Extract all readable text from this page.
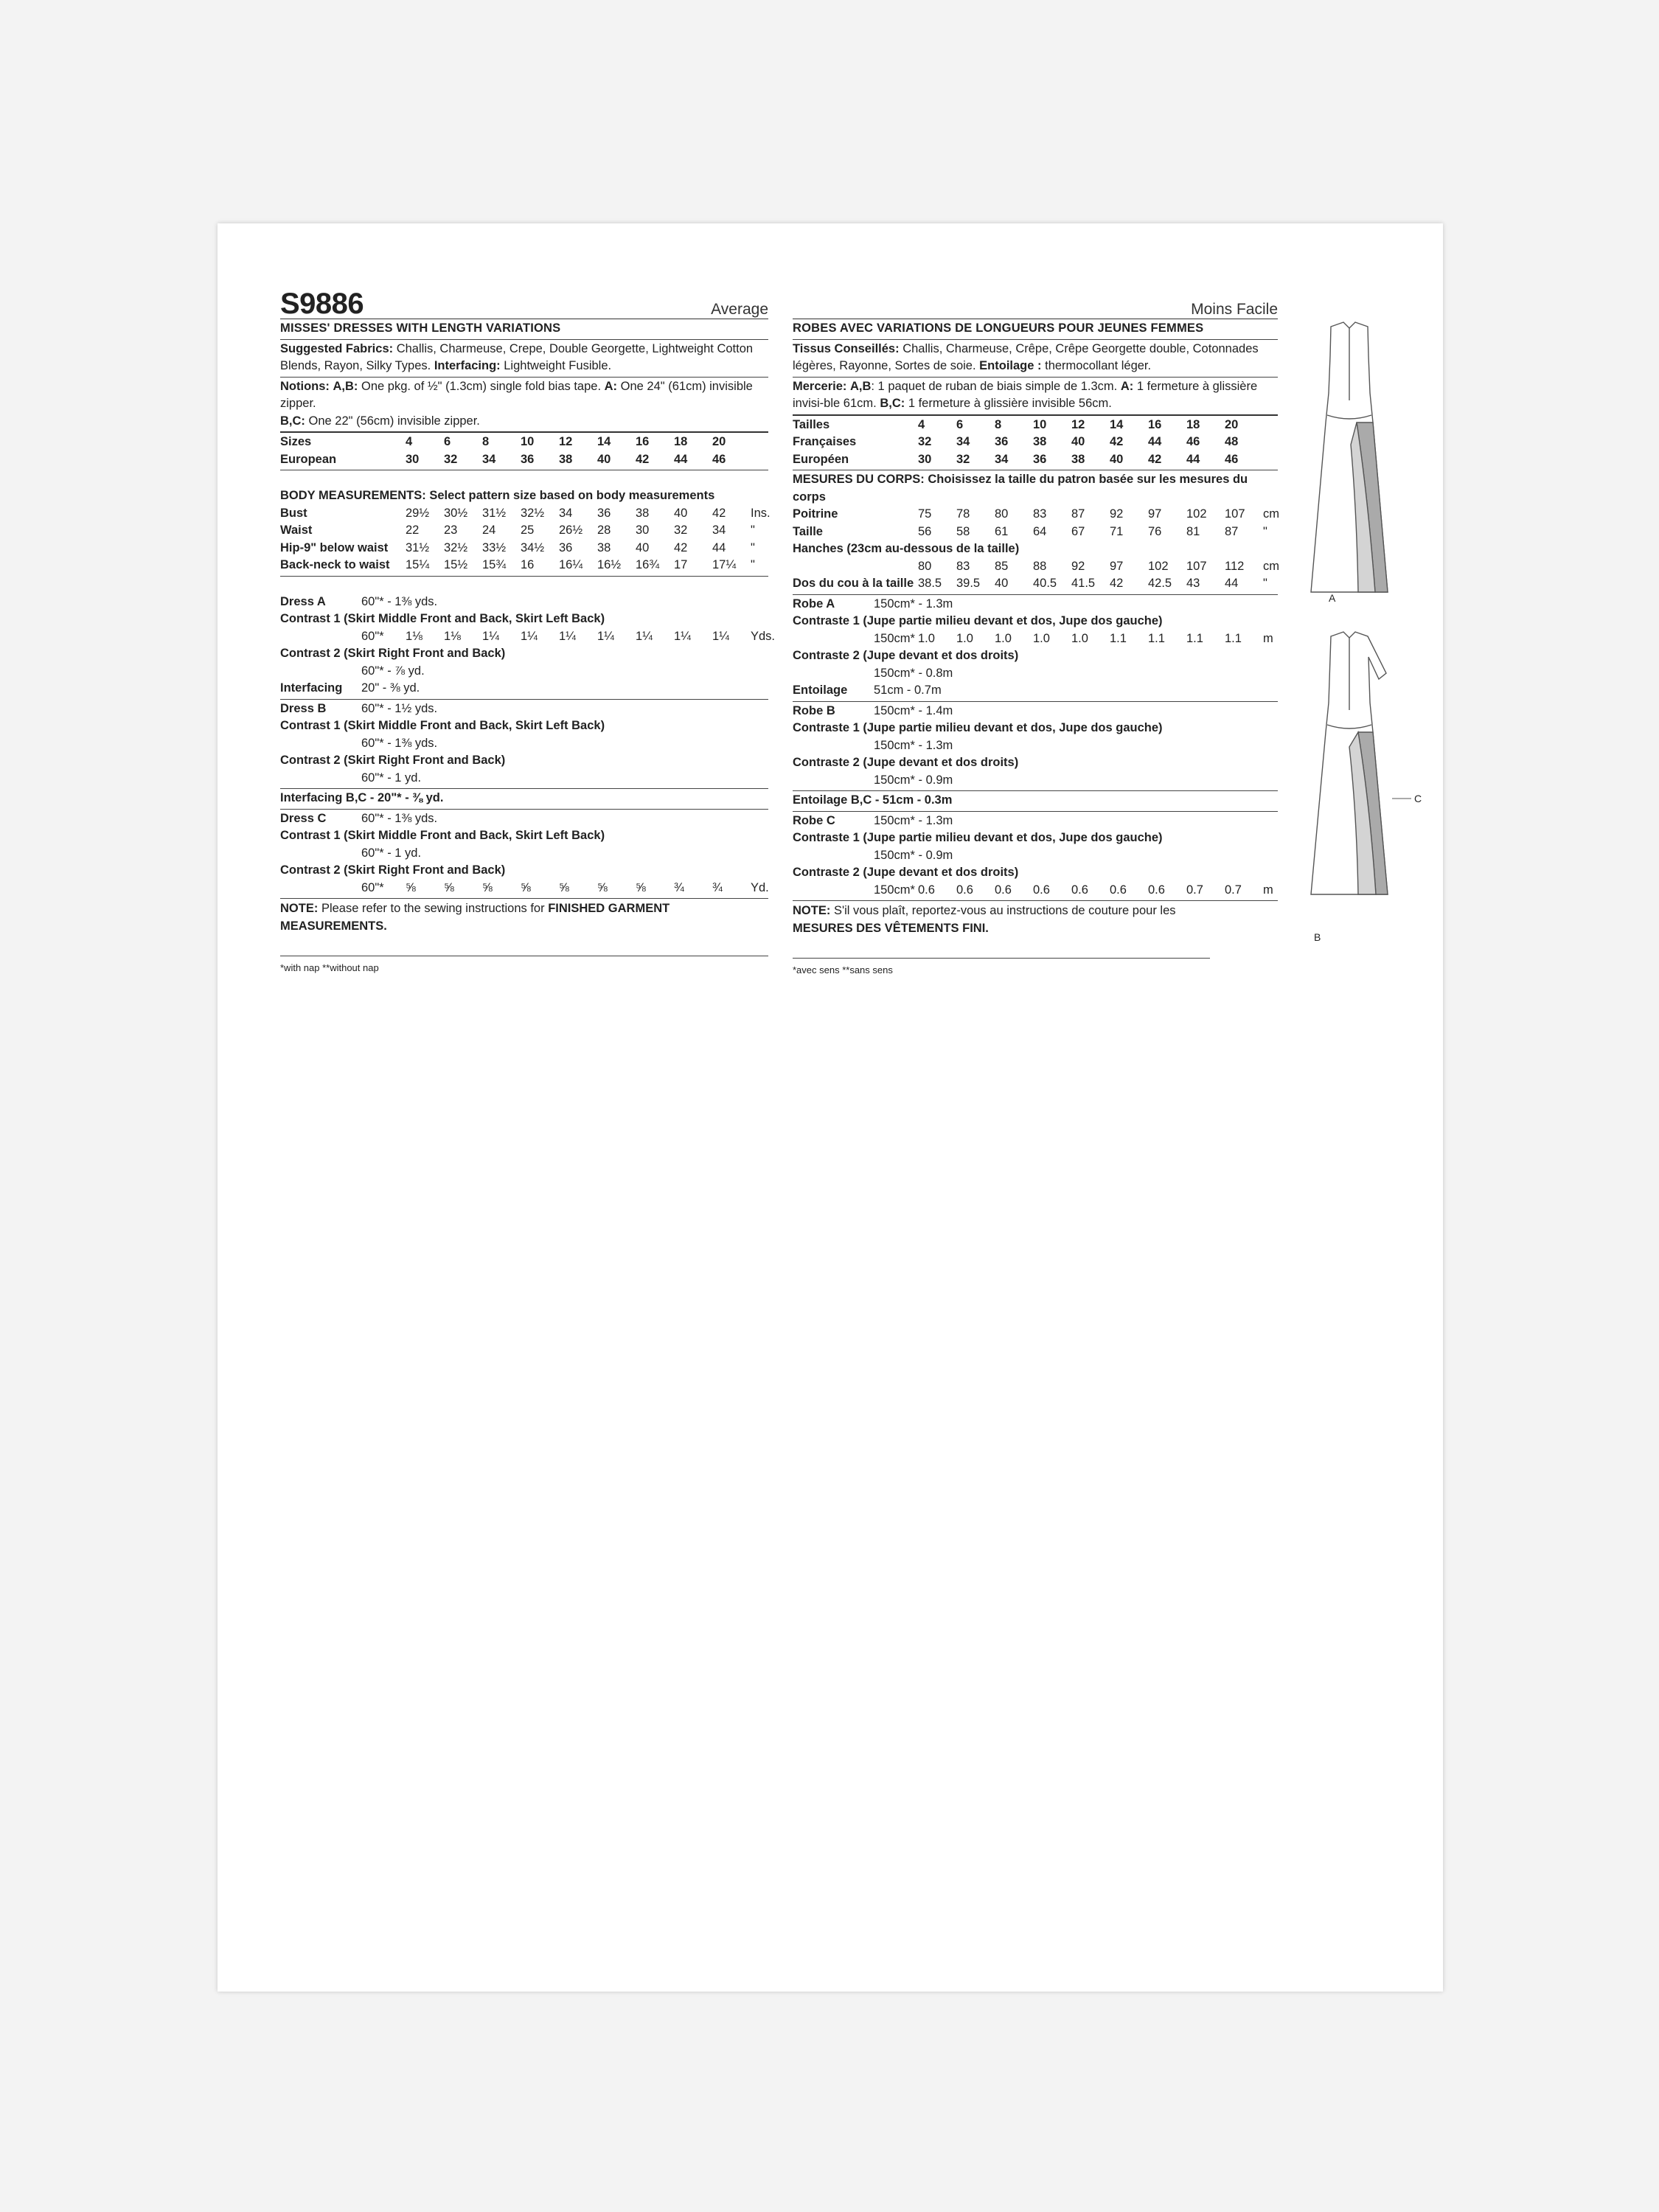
S9886	Average
MISSES' DRESSES WITH LENGTH VARIATIONS
Suggested Fabrics: Challis, Charmeuse, Crepe, Double Georgette, Lightweight Cotton Blends, Rayon, Silky Types. Interfacing: Lightweight Fusible.
Notions: A,B: One pkg. of ½" (1.3cm) single fold bias tape. A: One 24" (61cm) invisible zipper.
B,C: One 22" (56cm) invisible zipper.
Sizes	4	6	8	10	12	14	16	18	20
European	30	32	34	36	38	40	42	44	46
BODY MEASUREMENTS: Select pattern size based on body measurements
Bust	29½	30½	31½	32½	34	36	38	40	42	Ins.
Waist	22	23	24	25	26½	28	30	32	34	"
Hip-9" below waist	31½	32½	33½	34½	36	38	40	42	44	"
Back-neck to waist	15¼	15½	15¾	16	16¼	16½	16¾	17	17¼	"
Dress A	60"* - 1⅜ yds.
Contrast 1 (Skirt Middle Front and Back, Skirt Left Back)
60"*	1⅛	1⅛	1¼	1¼	1¼	1¼	1¼	1¼	1¼	Yds.
Contrast 2 (Skirt Right Front and Back)
60"* - ⅞ yd.
Interfacing 20" - ⅜ yd.
Dress B	60"* - 1½ yds.
Contrast 1 (Skirt Middle Front and Back, Skirt Left Back)
60"* - 1⅜ yds.
Contrast 2 (Skirt Right Front and Back)
60"* - 1 yd.
Interfacing B,C - 20"* - ⅜ yd.
Dress C	60"* - 1⅜ yds.
Contrast 1 (Skirt Middle Front and Back, Skirt Left Back)
60"* - 1 yd.
Contrast 2 (Skirt Right Front and Back)
60"*	⅝	⅝	⅝	⅝	⅝	⅝	⅝	¾	¾	Yd.
NOTE: Please refer to the sewing instructions for FINISHED GARMENT MEASUREMENTS.
*with nap **without nap
Moins Facile
ROBES AVEC VARIATIONS DE LONGUEURS POUR JEUNES FEMMES
Tissus Conseillés: Challis, Charmeuse, Crêpe, Crêpe Georgette double, Cotonnades légères, Rayonne, Sortes de soie. Entoilage : thermocollant léger.
Mercerie: A,B: 1 paquet de ruban de biais simple de 1.3cm. A: 1 fermeture à glissière invisi-ble 61cm. B,C: 1 fermeture à glissière invisible 56cm.
Tailles	4	6	8	10	12	14	16	18	20
Françaises	32	34	36	38	40	42	44	46	48
Européen	30	32	34	36	38	40	42	44	46
MESURES DU CORPS: Choisissez la taille du patron basée sur les mesures du corps
Poitrine	75	78	80	83	87	92	97	102	107	cm
Taille	56	58	61	64	67	71	76	81	87	"
Hanches (23cm au-dessous de la taille)
80	83	85	88	92	97	102	107	112	cm
Dos du cou à la taille 38.5	39.5	40	40.5	41.5	42	42.5	43	44	"
Robe A	150cm* - 1.3m
Contraste 1 (Jupe partie milieu devant et dos, Jupe dos gauche)
150cm* 1.0	1.0	1.0	1.0	1.0	1.1	1.1	1.1	1.1	m
Contraste 2 (Jupe devant et dos droits)
150cm* - 0.8m
Entoilage 51cm - 0.7m
Robe B	150cm* - 1.4m
Contraste 1 (Jupe partie milieu devant et dos, Jupe dos gauche)
150cm* - 1.3m
Contraste 2 (Jupe devant et dos droits)
150cm* - 0.9m
Entoilage B,C - 51cm - 0.3m
Robe C	150cm* - 1.3m
Contraste 1 (Jupe partie milieu devant et dos, Jupe dos gauche)
150cm* - 0.9m
Contraste 2 (Jupe devant et dos droits)
150cm* 0.6	0.6	0.6	0.6	0.6	0.6	0.6	0.7	0.7	m
NOTE: S'il vous plaît, reportez-vous au instructions de couture pour les MESURES DES VÊTEMENTS FINI.
*avec sens **sans sens
A
B
C
